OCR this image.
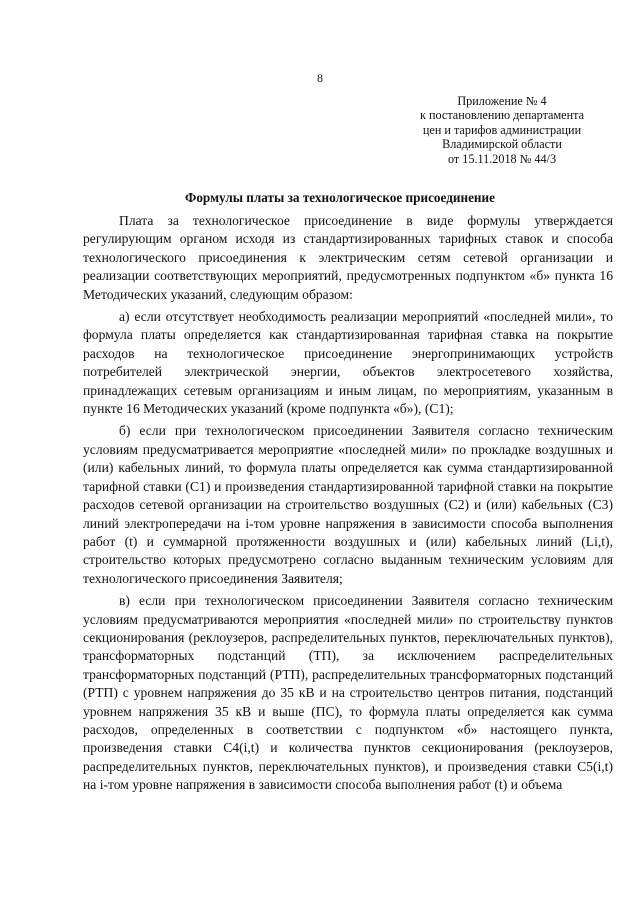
8
Приложение № 4
к постановлению департамента
цен и тарифов администрации
Владимирской области
от 15.11.2018 № 44/3
Формулы платы за технологическое присоединение

Плата за технологическое присоединение в виде формулы утверждается регулирующим органом исходя из стандартизированных тарифных ставок и способа технологического присоединения к электрическим сетям сетевой организации и реализации соответствующих мероприятий, предусмотренных подпунктом «б» пункта 16 Методических указаний, следующим образом:

а) если отсутствует необходимость реализации мероприятий «последней мили», то формула платы определяется как стандартизированная тарифная ставка на покрытие расходов на технологическое присоединение энергопринимающих устройств потребителей электрической энергии, объектов электросетевого хозяйства, принадлежащих сетевым организациям и иным лицам, по мероприятиям, указанным в пункте 16 Методических указаний (кроме подпункта «б»), (C1);

б) если при технологическом присоединении Заявителя согласно техническим условиям предусматривается мероприятие «последней мили» по прокладке воздушных и (или) кабельных линий, то формула платы определяется как сумма стандартизированной тарифной ставки (C1) и произведения стандартизированной тарифной ставки на покрытие расходов сетевой организации на строительство воздушных (C2) и (или) кабельных (C3) линий электропередачи на i-том уровне напряжения в зависимости способа выполнения работ (t) и суммарной протяженности воздушных и (или) кабельных линий (Li,t), строительство которых предусмотрено согласно выданным техническим условиям для технологического присоединения Заявителя;

в) если при технологическом присоединении Заявителя согласно техническим условиям предусматриваются мероприятия «последней мили» по строительству пунктов секционирования (реклоузеров, распределительных пунктов, переключательных пунктов), трансформаторных подстанций (ТП), за исключением распределительных трансформаторных подстанций (РТП), распределительных трансформаторных подстанций (РТП) с уровнем напряжения до 35 кВ и на строительство центров питания, подстанций уровнем напряжения 35 кВ и выше (ПС), то формула платы определяется как сумма расходов, определенных в соответствии с подпунктом «б» настоящего пункта, произведения ставки C4(i,t) и количества пунктов секционирования (реклоузеров, распределительных пунктов, переключательных пунктов), и произведения ставки C5(i,t) на i-том уровне напряжения в зависимости способа выполнения работ (t) и объема
